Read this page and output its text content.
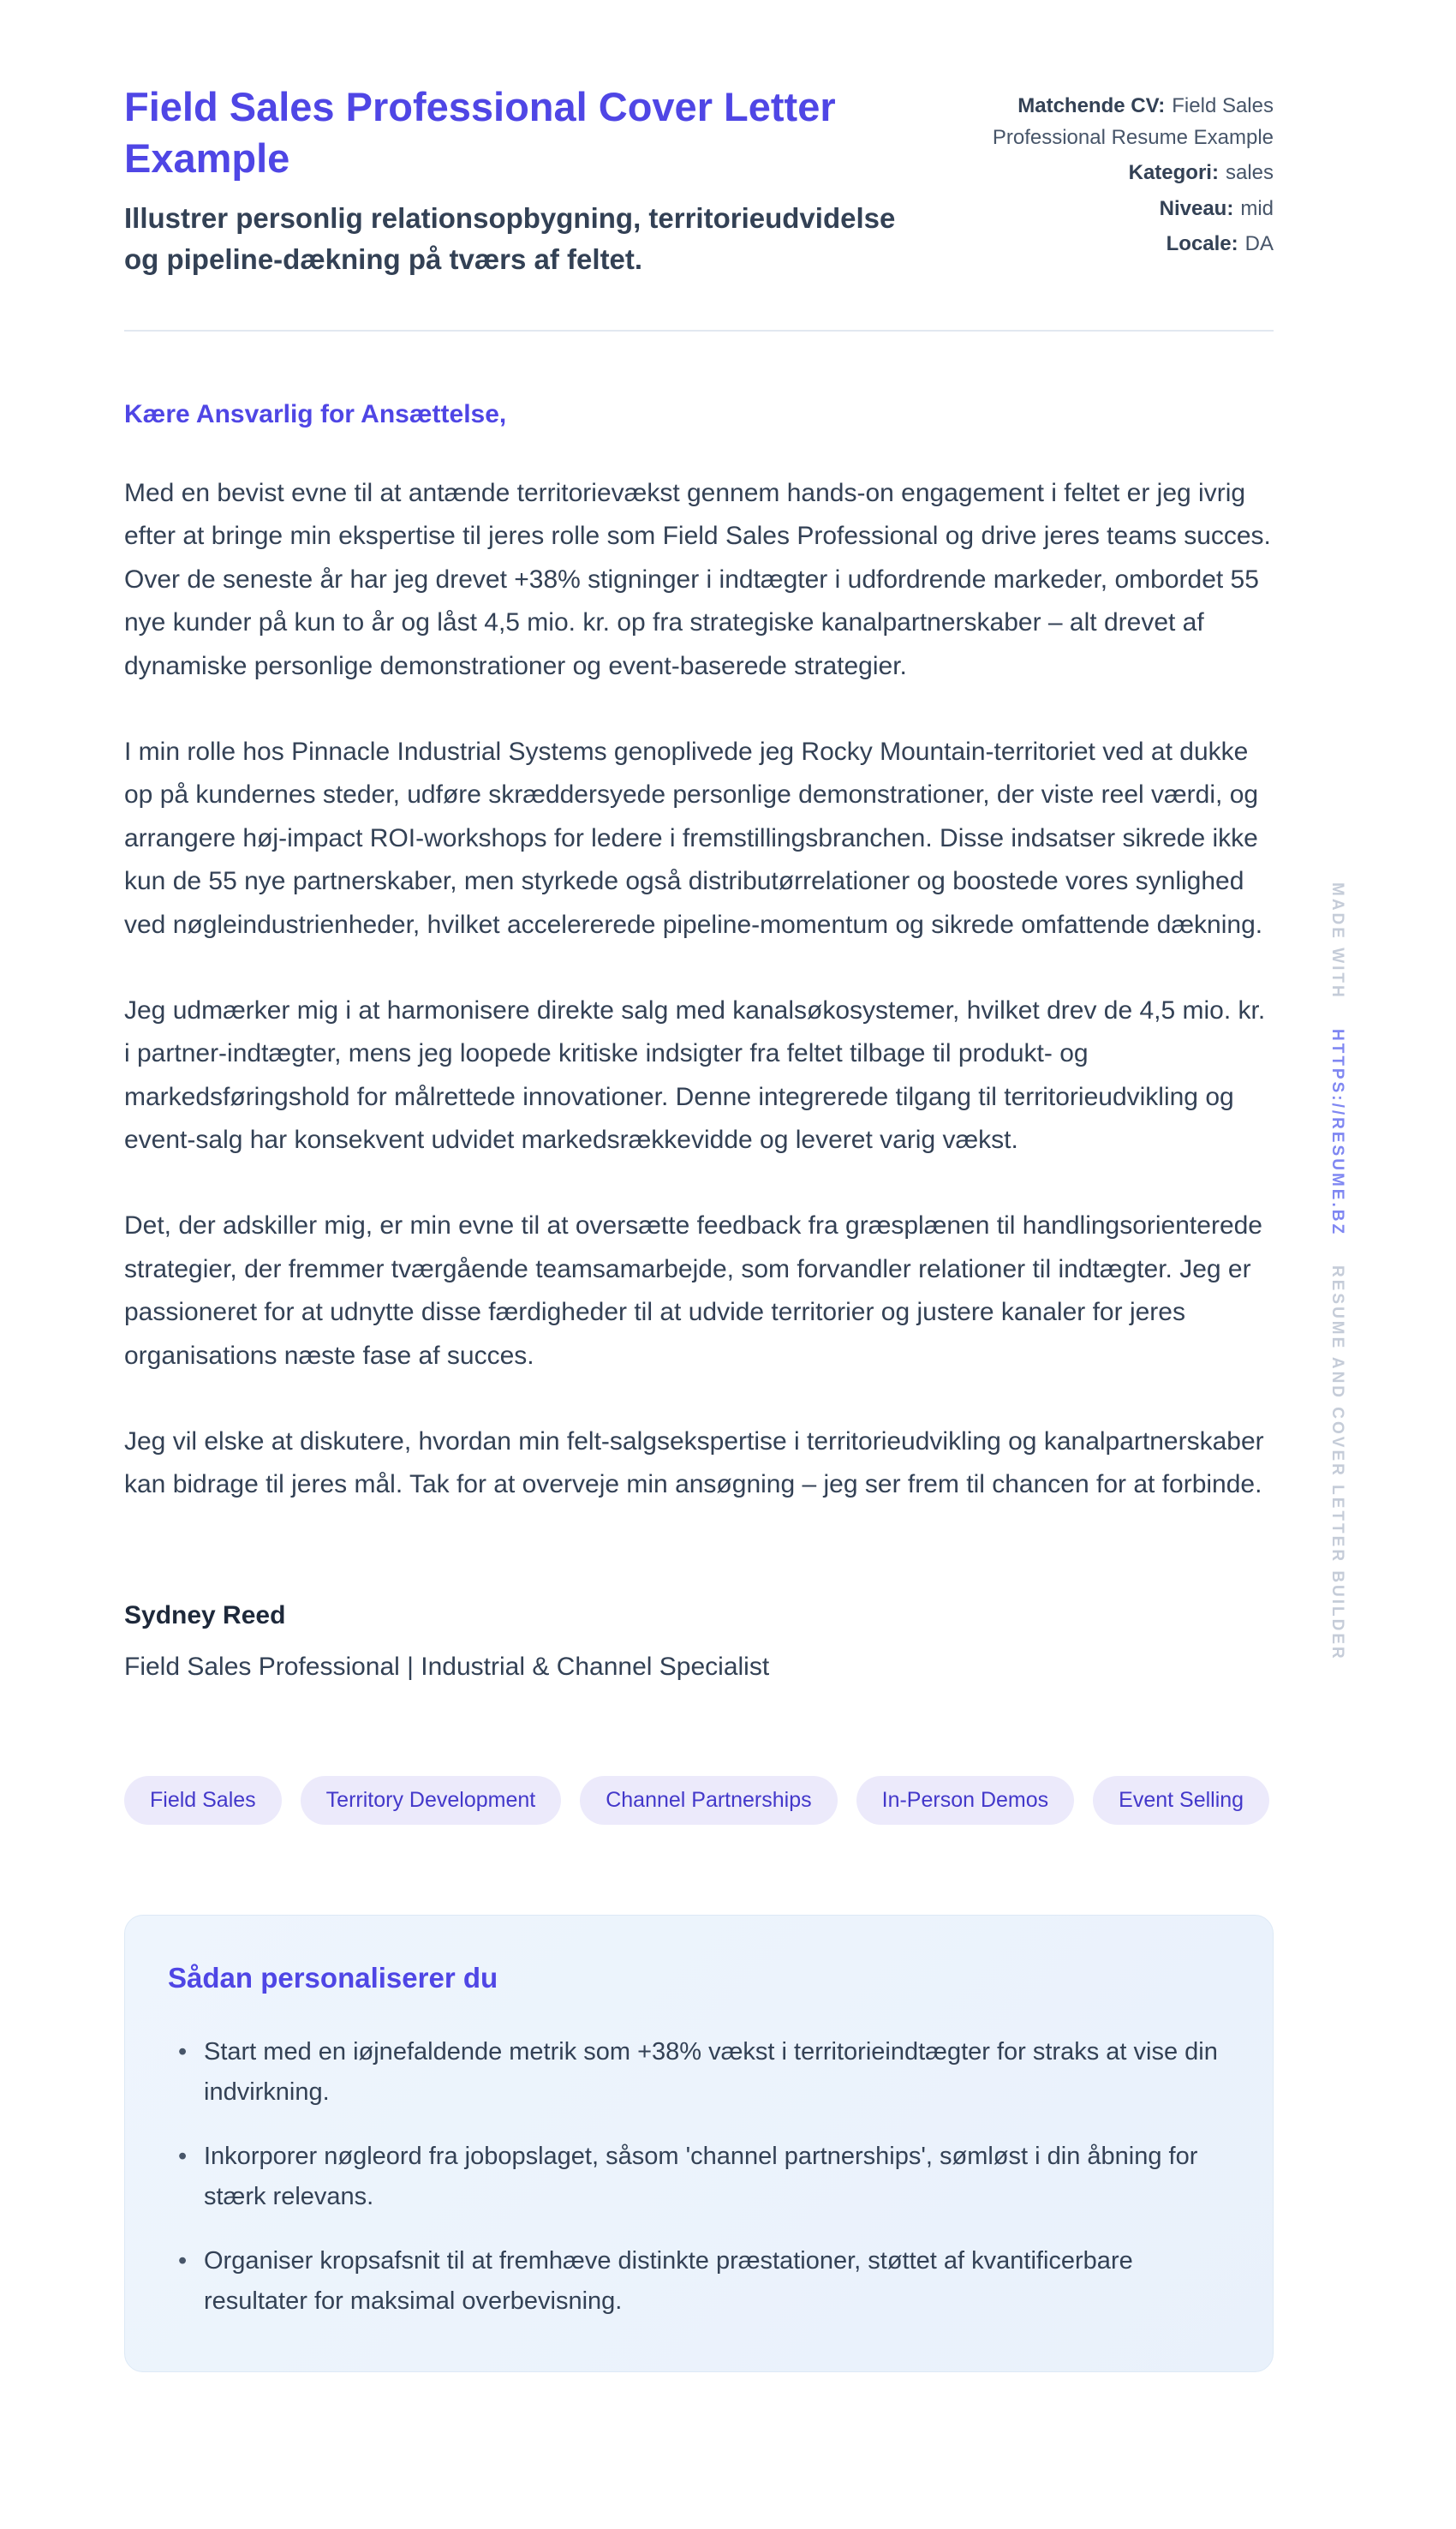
Field Sales Professional Cover Letter Example

Illustrer personlig relationsopbygning, territorieudvidelse og pipeline-dækning på tværs af feltet.

Matchende CV: Field Sales Professional Resume Example
Kategori: sales
Niveau: mid
Locale: DA

Kære Ansvarlig for Ansættelse,

Med en bevist evne til at antænde territorievækst gennem hands-on engagement i feltet er jeg ivrig efter at bringe min ekspertise til jeres rolle som Field Sales Professional og drive jeres teams succes. Over de seneste år har jeg drevet +38% stigninger i indtægter i udfordrende markeder, ombordet 55 nye kunder på kun to år og låst 4,5 mio. kr. op fra strategiske kanalpartnerskaber – alt drevet af dynamiske personlige demonstrationer og event-baserede strategier.

I min rolle hos Pinnacle Industrial Systems genoplivede jeg Rocky Mountain-territoriet ved at dukke op på kundernes steder, udføre skræddersyede personlige demonstrationer, der viste reel værdi, og arrangere høj-impact ROI-workshops for ledere i fremstillingsbranchen. Disse indsatser sikrede ikke kun de 55 nye partnerskaber, men styrkede også distributørrelationer og boostede vores synlighed ved nøgleindustrienheder, hvilket accelererede pipeline-momentum og sikrede omfattende dækning.

Jeg udmærker mig i at harmonisere direkte salg med kanalsøkosystemer, hvilket drev de 4,5 mio. kr. i partner-indtægter, mens jeg loopede kritiske indsigter fra feltet tilbage til produkt- og markedsføringshold for målrettede innovationer. Denne integrerede tilgang til territorieudvikling og event-salg har konsekvent udvidet markedsrækkevidde og leveret varig vækst.

Det, der adskiller mig, er min evne til at oversætte feedback fra græsplænen til handlingsorienterede strategier, der fremmer tværgående teamsamarbejde, som forvandler relationer til indtægter. Jeg er passioneret for at udnytte disse færdigheder til at udvide territorier og justere kanaler for jeres organisations næste fase af succes.

Jeg vil elske at diskutere, hvordan min felt-salgsekspertise i territorieudvikling og kanalpartnerskaber kan bidrage til jeres mål. Tak for at overveje min ansøgning – jeg ser frem til chancen for at forbinde.

Sydney Reed

Field Sales Professional | Industrial & Channel Specialist

Field Sales	Territory Development	Channel Partnerships	In-Person Demos	Event Selling
Sådan personaliserer du
• Start med en iøjnefaldende metrik som +38% vækst i territorieindtægter for straks at vise din indvirkning.
• Inkorporer nøgleord fra jobopslaget, såsom 'channel partnerships', sømløst i din åbning for stærk relevans.
• Organiser kropsafsnit til at fremhæve distinkte præstationer, støttet af kvantificerbare resultater for maksimal overbevisning.
MADE WITH HTTPS://RESUME.BZ RESUME AND COVER LETTER BUILDER
